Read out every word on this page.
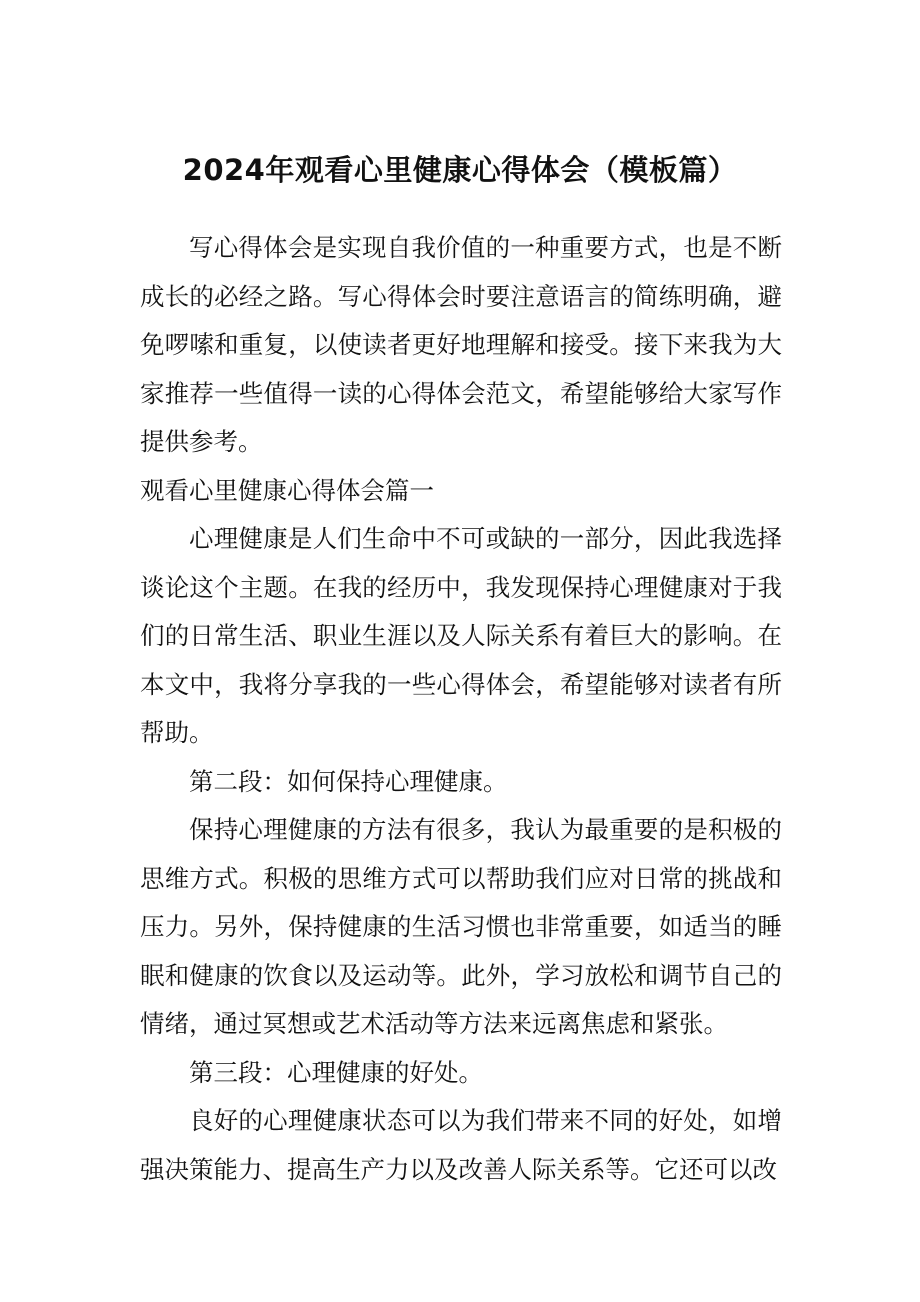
2024年观看心里健康心得体会（模板篇）

写心得体会是实现自我价值的一种重要方式，也是不断成长的必经之路。写心得体会时要注意语言的简练明确，避免啰嗦和重复，以使读者更好地理解和接受。接下来我为大家推荐一些值得一读的心得体会范文，希望能够给大家写作提供参考。

观看心里健康心得体会篇一

心理健康是人们生命中不可或缺的一部分，因此我选择谈论这个主题。在我的经历中，我发现保持心理健康对于我们的日常生活、职业生涯以及人际关系有着巨大的影响。在本文中，我将分享我的一些心得体会，希望能够对读者有所帮助。

第二段：如何保持心理健康。

保持心理健康的方法有很多，我认为最重要的是积极的思维方式。积极的思维方式可以帮助我们应对日常的挑战和压力。另外，保持健康的生活习惯也非常重要，如适当的睡眠和健康的饮食以及运动等。此外，学习放松和调节自己的情绪，通过冥想或艺术活动等方法来远离焦虑和紧张。

第三段：心理健康的好处。

良好的心理健康状态可以为我们带来不同的好处，如增强决策能力、提高生产力以及改善人际关系等。它还可以改
